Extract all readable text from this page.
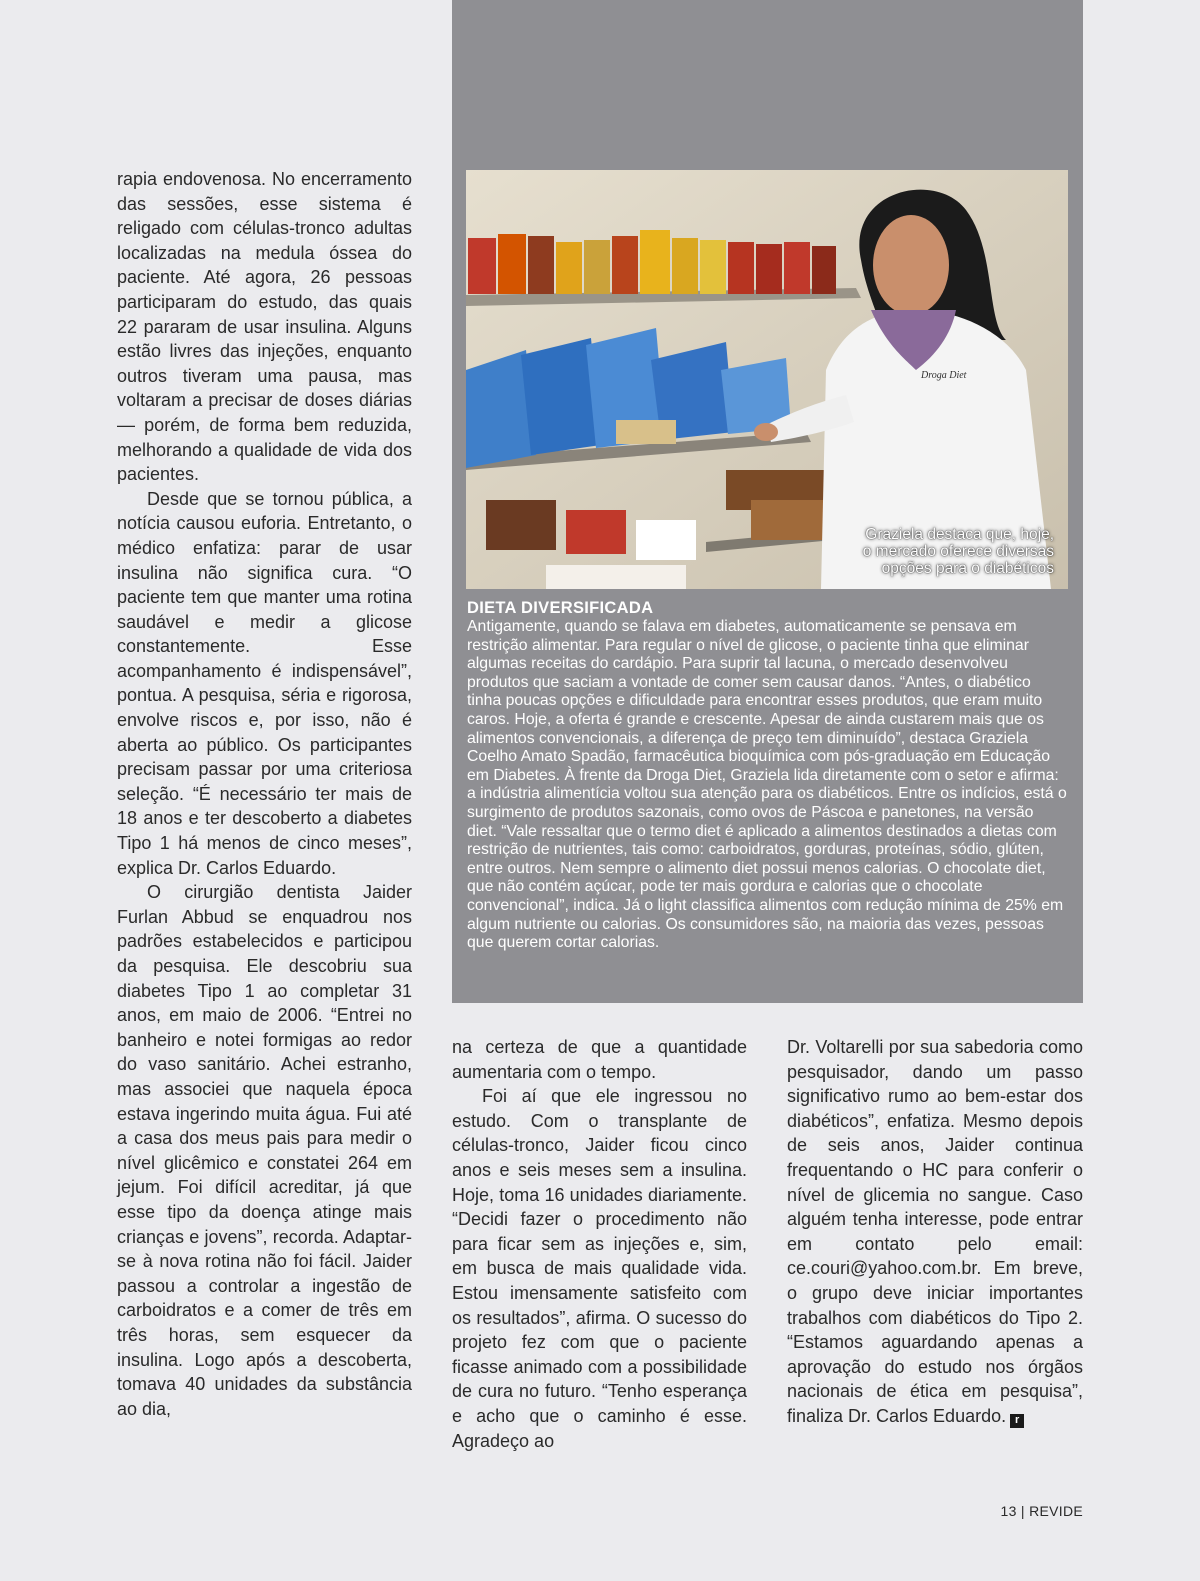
rapia endovenosa. No encerramento das sessões, esse sistema é religado com células-tronco adultas localizadas na medula óssea do paciente. Até agora, 26 pessoas participaram do estudo, das quais 22 pararam de usar insulina. Alguns estão livres das injeções, enquanto outros tiveram uma pausa, mas voltaram a precisar de doses diárias — porém, de forma bem reduzida, melhorando a qualidade de vida dos pacientes.

Desde que se tornou pública, a notícia causou euforia. Entretanto, o médico enfatiza: parar de usar insulina não significa cura. “O paciente tem que manter uma rotina saudável e medir a glicose constantemente. Esse acompanhamento é indispensável”, pontua. A pesquisa, séria e rigorosa, envolve riscos e, por isso, não é aberta ao público. Os participantes precisam passar por uma criteriosa seleção. “É necessário ter mais de 18 anos e ter descoberto a diabetes Tipo 1 há menos de cinco meses”, explica Dr. Carlos Eduardo.

O cirurgião dentista Jaider Furlan Abbud se enquadrou nos padrões estabelecidos e participou da pesquisa. Ele descobriu sua diabetes Tipo 1 ao completar 31 anos, em maio de 2006. “Entrei no banheiro e notei formigas ao redor do vaso sanitário. Achei estranho, mas associei que naquela época estava ingerindo muita água. Fui até a casa dos meus pais para medir o nível glicêmico e constatei 264 em jejum. Foi difícil acreditar, já que esse tipo da doença atinge mais crianças e jovens”, recorda. Adaptar-se à nova rotina não foi fácil. Jaider passou a controlar a ingestão de carboidratos e a comer de três em três horas, sem esquecer da insulina. Logo após a descoberta, tomava 40 unidades da substância ao dia,

Droga Diet
Graziela destaca que, hoje, o mercado oferece diversas opções para o diabéticos
DIETA DIVERSIFICADA
Antigamente, quando se falava em diabetes, automaticamente se pensava em restrição alimentar. Para regular o nível de glicose, o paciente tinha que eliminar algumas receitas do cardápio. Para suprir tal lacuna, o mercado desenvolveu produtos que saciam a vontade de comer sem causar danos. “Antes, o diabético tinha poucas opções e dificuldade para encontrar esses produtos, que eram muito caros. Hoje, a oferta é grande e crescente. Apesar de ainda custarem mais que os alimentos convencionais, a diferença de preço tem diminuído”, destaca Graziela Coelho Amato Spadão, farmacêutica bioquímica com pós-graduação em Educação em Diabetes. À frente da Droga Diet, Graziela lida diretamente com o setor e afirma: a indústria alimentícia voltou sua atenção para os diabéticos. Entre os indícios, está o surgimento de produtos sazonais, como ovos de Páscoa e panetones, na versão diet. “Vale ressaltar que o termo diet é aplicado a alimentos destinados a dietas com restrição de nutrientes, tais como: carboidratos, gorduras, proteínas, sódio, glúten, entre outros. Nem sempre o alimento diet possui menos calorias. O chocolate diet, que não contém açúcar, pode ter mais gordura e calorias que o chocolate convencional”, indica. Já o light classifica alimentos com redução mínima de 25% em algum nutriente ou calorias. Os consumidores são, na maioria das vezes, pessoas que querem cortar calorias.

na certeza de que a quantidade aumentaria com o tempo.

Foi aí que ele ingressou no estudo. Com o transplante de células-tronco, Jaider ficou cinco anos e seis meses sem a insulina. Hoje, toma 16 unidades diariamente. “Decidi fazer o procedimento não para ficar sem as injeções e, sim, em busca de mais qualidade vida. Estou imensamente satisfeito com os resultados”, afirma. O sucesso do projeto fez com que o paciente ficasse animado com a possibilidade de cura no futuro. “Tenho esperança e acho que o caminho é esse. Agradeço ao

Dr. Voltarelli por sua sabedoria como pesquisador, dando um passo significativo rumo ao bem-estar dos diabéticos”, enfatiza. Mesmo depois de seis anos, Jaider continua frequentando o HC para conferir o nível de glicemia no sangue. Caso alguém tenha interesse, pode entrar em contato pelo email: ce.couri@yahoo.com.br. Em breve, o grupo deve iniciar importantes trabalhos com diabéticos do Tipo 2. “Estamos aguardando apenas a aprovação do estudo nos órgãos nacionais de ética em pesquisa”, finaliza Dr. Carlos Eduardo. r

13 | REVIDE
